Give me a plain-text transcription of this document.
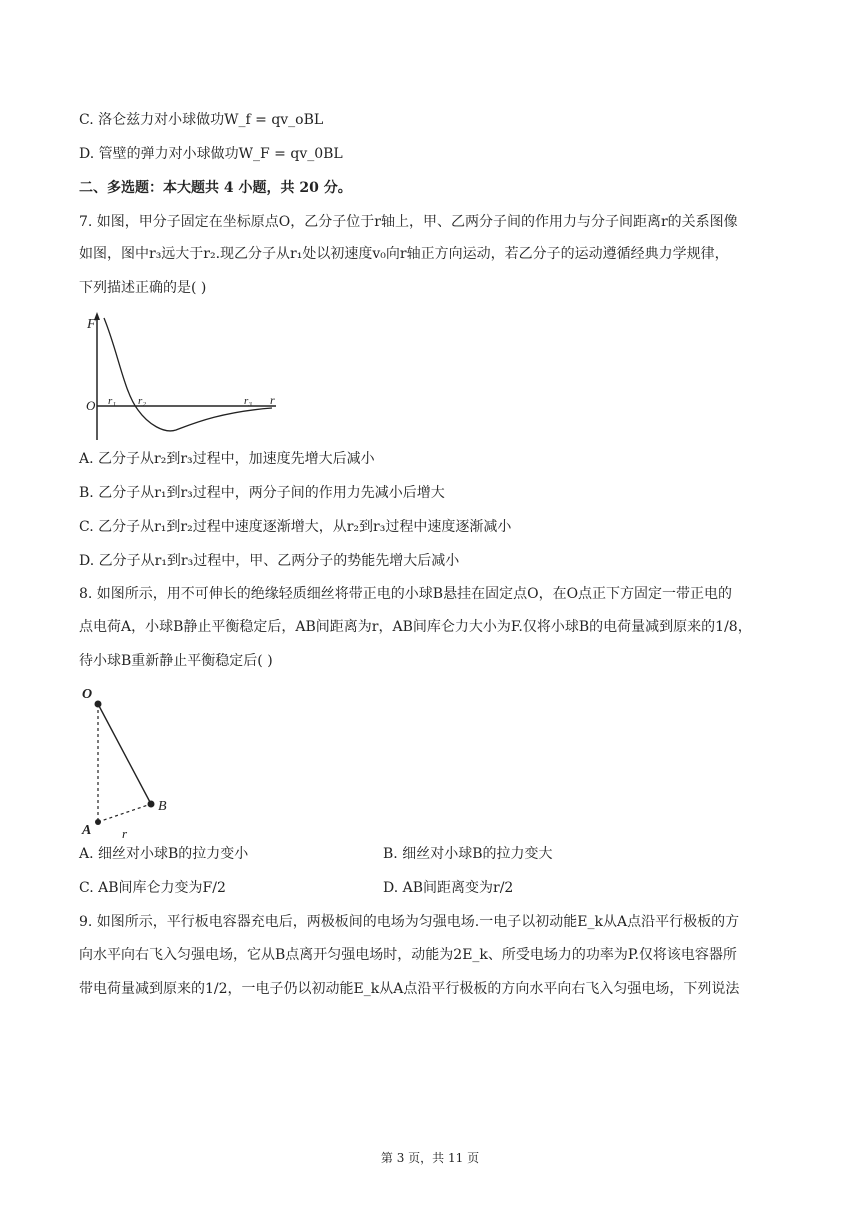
C. 洛仑兹力对小球做功W_f = qv_oBL
D. 管壁的弹力对小球做功W_F = qv_0BL
二、多选题：本大题共 4 小题，共 20 分。
7. 如图，甲分子固定在坐标原点O，乙分子位于r轴上，甲、乙两分子间的作用力与分子间距离r的关系图像
如图，图中r₃远大于r₂.现乙分子从r₁处以初速度v₀向r轴正方向运动，若乙分子的运动遵循经典力学规律，
下列描述正确的是( )
F
r
O r₁ r₂	r₃
A. 乙分子从r₂到r₃过程中，加速度先增大后减小
B. 乙分子从r₁到r₃过程中，两分子间的作用力先减小后增大
C. 乙分子从r₁到r₂过程中速度逐渐增大，从r₂到r₃过程中速度逐渐减小
D. 乙分子从r₁到r₃过程中，甲、乙两分子的势能先增大后减小
8. 如图所示，用不可伸长的绝缘轻质细丝将带正电的小球B悬挂在固定点O，在O点正下方固定一带正电的
点电荷A，小球B静止平衡稳定后，AB间距离为r，AB间库仑力大小为F.仅将小球B的电荷量减到原来的1/8，
待小球B重新静止平衡稳定后( )
O
B
A r
A. 细丝对小球B的拉力变小	B. 细丝对小球B的拉力变大
C. AB间库仑力变为F/2	D. AB间距离变为r/2
9. 如图所示，平行板电容器充电后，两极板间的电场为匀强电场.一电子以初动能E_k从A点沿平行极板的方
向水平向右飞入匀强电场，它从B点离开匀强电场时，动能为2E_k、所受电场力的功率为P.仅将该电容器所
带电荷量减到原来的1/2，一电子仍以初动能E_k从A点沿平行极板的方向水平向右飞入匀强电场，下列说法
第 3 页，共 11 页
